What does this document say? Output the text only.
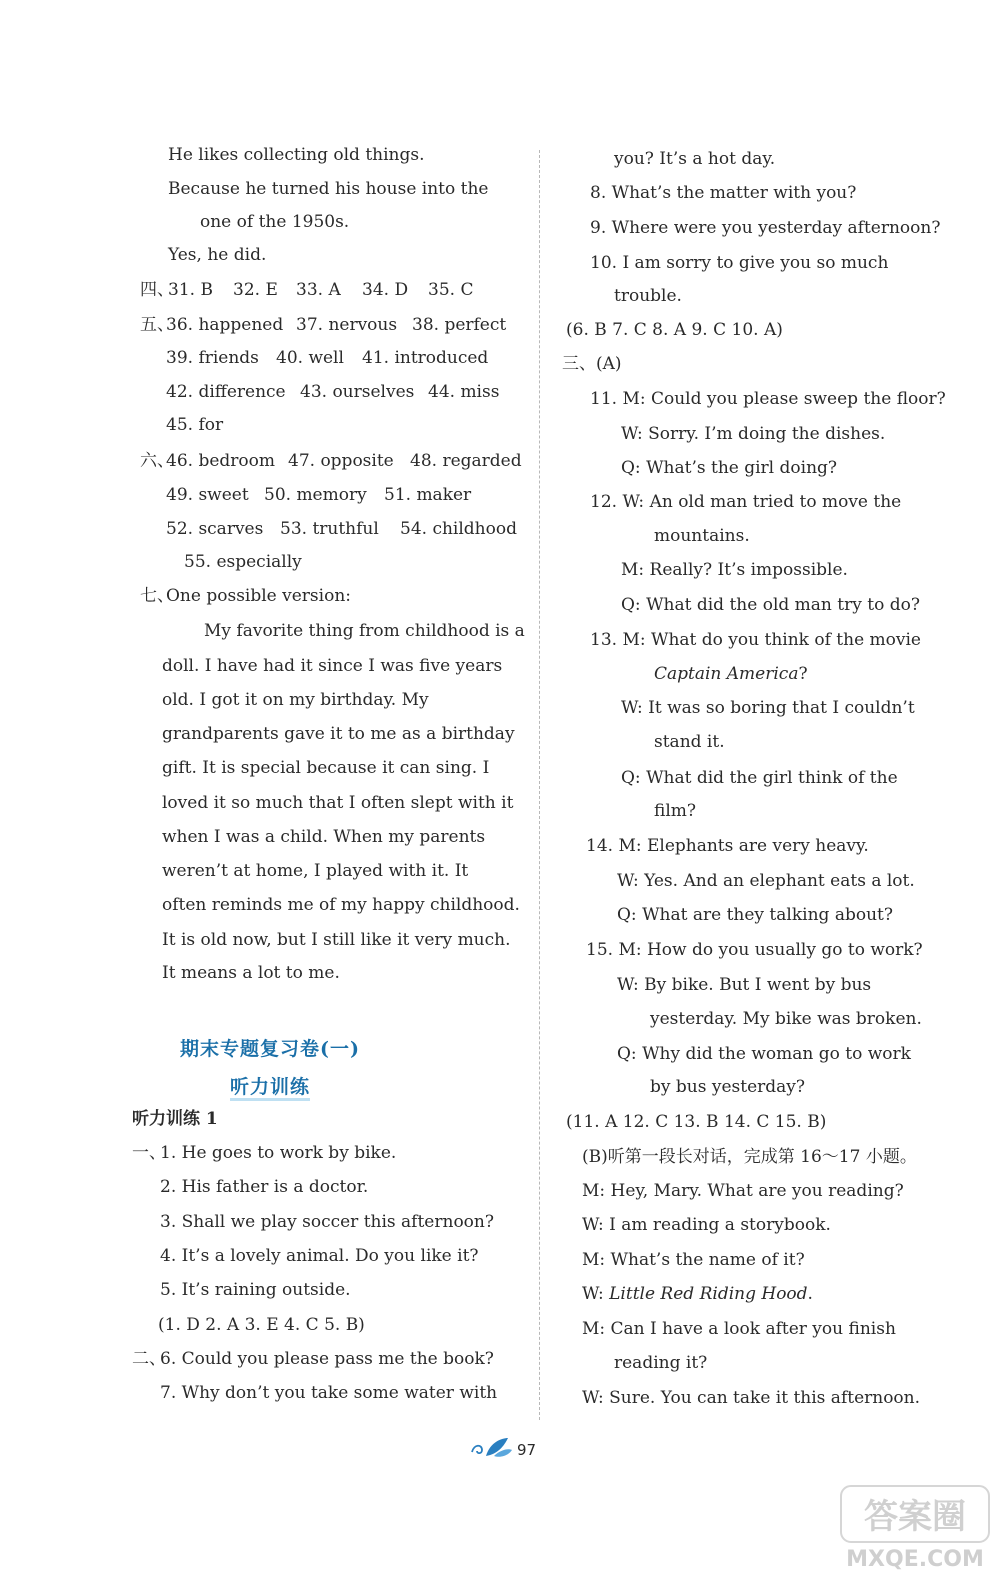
He likes collecting old things.
Because he turned his house into the
one of the 1950s.
Yes, he did.
四、
31. B 32. E 33. A 34. D 35. C
五、
36. happened 37. nervous 38. perfect
39. friends 40. well 41. introduced
42. difference 43. ourselves 44. miss
45. for
六、
46. bedroom 47. opposite 48. regarded
49. sweet 50. memory 51. maker
52. scarves 53. truthful 54. childhood
55. especially
七、
One possible version:
My favorite thing from childhood is a
doll. I have had it since I was five years
old. I got it on my birthday. My
grandparents gave it to me as a birthday
gift. It is special because it can sing. I
loved it so much that I often slept with it
when I was a child. When my parents
weren’t at home, I played with it. It
often reminds me of my happy childhood.
It is old now, but I still like it very much.
It means a lot to me.
期末专题复习卷(一)
听力训练
听力训练 1
一、
1. He goes to work by bike.
2. His father is a doctor.
3. Shall we play soccer this afternoon?
4. It’s a lovely animal. Do you like it?
5. It’s raining outside.
(1. D 2. A 3. E 4. C 5. B)
二、
6. Could you please pass me the book?
7. Why don’t you take some water with
you? It’s a hot day.
8. What’s the matter with you?
9. Where were you yesterday afternoon?
10. I am sorry to give you so much
trouble.
(6. B 7. C 8. A 9. C 10. A)
三、(A)
11. M: Could you please sweep the floor?
W: Sorry. I’m doing the dishes.
Q: What’s the girl doing?
12. W: An old man tried to move the
mountains.
M: Really? It’s impossible.
Q: What did the old man try to do?
13. M: What do you think of the movie
Captain America?
W: It was so boring that I couldn’t
stand it.
Q: What did the girl think of the
film?
14. M: Elephants are very heavy.
W: Yes. And an elephant eats a lot.
Q: What are they talking about?
15. M: How do you usually go to work?
W: By bike. But I went by bus
yesterday. My bike was broken.
Q: Why did the woman go to work
by bus yesterday?
(11. A 12. C 13. B 14. C 15. B)
(B)听第一段长对话，完成第 16～17 小题。
M: Hey, Mary. What are you reading?
W: I am reading a storybook.
M: What’s the name of it?
W: Little Red Riding Hood.
M: Can I have a look after you finish
reading it?
W: Sure. You can take it this afternoon.
97
答案圈
MXQE.COM
